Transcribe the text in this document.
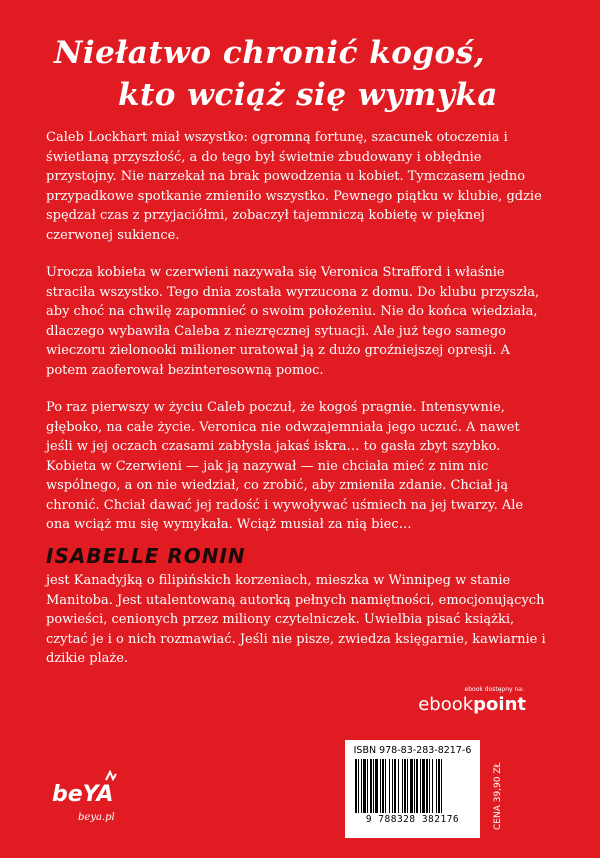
Niełatwo chronić kogoś,
kto wciąż się wymyka
Caleb Lockhart miał wszystko: ogromną fortunę, szacunek otoczenia i świetlaną przyszłość, a do tego był świetnie zbudowany i obłędnie przystojny. Nie narzekał na brak powodzenia u kobiet. Tymczasem jedno przypadkowe spotkanie zmieniło wszystko. Pewnego piątku w klubie, gdzie spędzał czas z przyjaciółmi, zobaczył tajemniczą kobietę w pięknej czerwonej sukience.
Urocza kobieta w czerwieni nazywała się Veronica Strafford i właśnie straciła wszystko. Tego dnia została wyrzucona z domu. Do klubu przyszła, aby choć na chwilę zapomnieć o swoim położeniu. Nie do końca wiedziała, dlaczego wybawiła Caleba z niezręcznej sytuacji. Ale już tego samego wieczoru zielonooki milioner uratował ją z dużo groźniejszej opresji. A potem zaoferował bezinteresowną pomoc.
Po raz pierwszy w życiu Caleb poczuł, że kogoś pragnie. Intensywnie, głęboko, na całe życie. Veronica nie odwzajemniała jego uczuć. A nawet jeśli w jej oczach czasami zabłysła jakaś iskra… to gasła zbyt szybko. Kobieta w Czerwieni — jak ją nazywał — nie chciała mieć z nim nic wspólnego, a on nie wiedział, co zrobić, aby zmieniła zdanie. Chciał ją chronić. Chciał dawać jej radość i wywoływać uśmiech na jej twarzy. Ale ona wciąż mu się wymykała. Wciąż musiał za nią biec…
ISABELLE RONIN
jest Kanadyjką o filipińskich korzeniach, mieszka w Winnipeg w stanie Manitoba. Jest utalentowaną autorką pełnych namiętności, emocjonujących powieści, cenionych przez miliony czytelniczek. Uwielbia pisać książki, czytać je i o nich rozmawiać. Jeśli nie pisze, zwiedza księgarnie, kawiarnie i dzikie plaże.
ebook dostępny na:
ebookpoint
ISBN 978-83-283-8217-6
9 788328 382176	CENA 39,90 ZŁ
beYA
beya.pl
